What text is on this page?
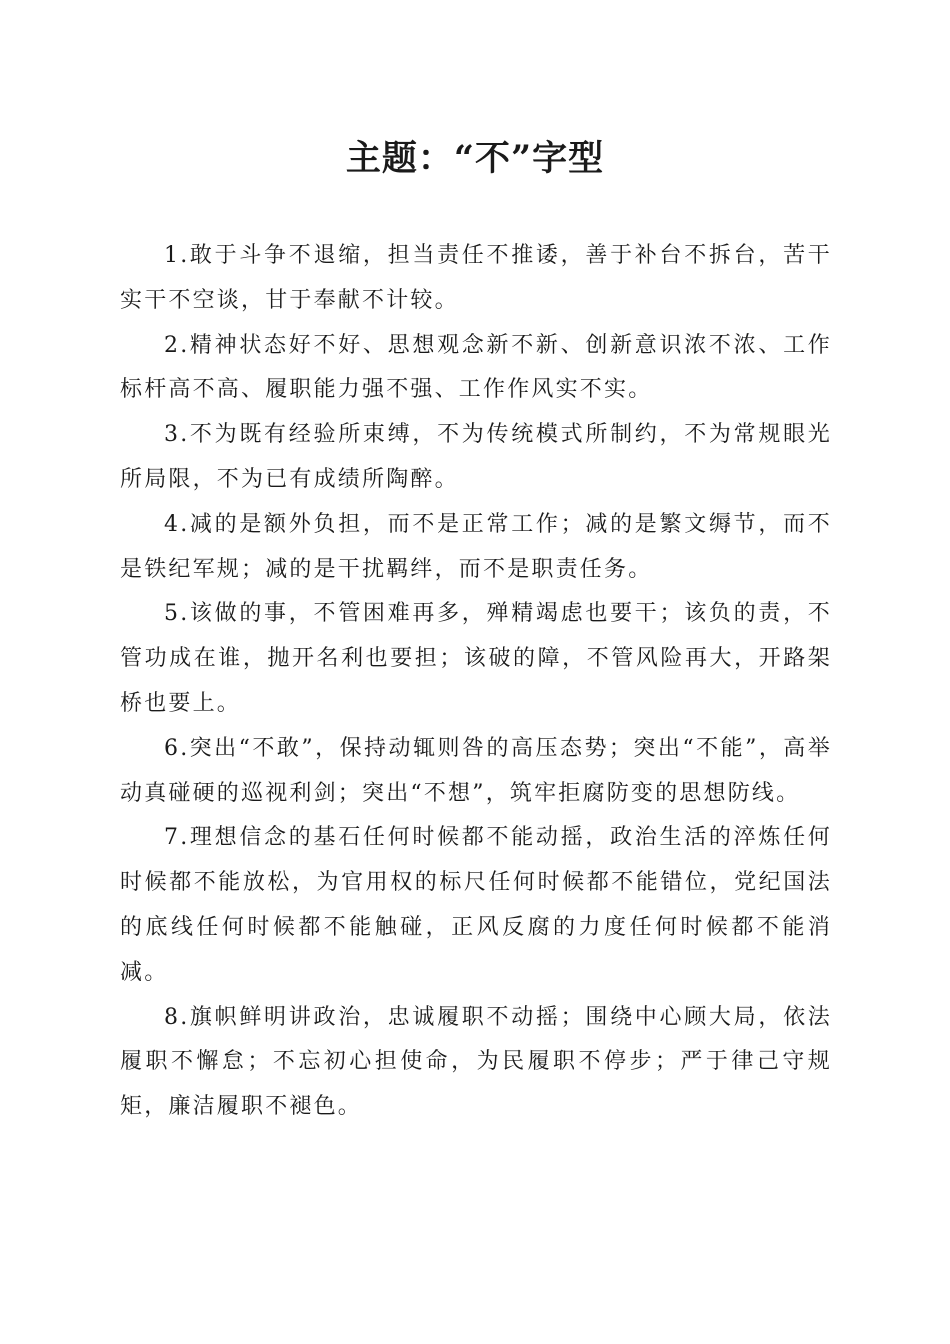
主题：“不”字型

1.敢于斗争不退缩，担当责任不推诿，善于补台不拆台，苦干实干不空谈，甘于奉献不计较。

2.精神状态好不好、思想观念新不新、创新意识浓不浓、工作标杆高不高、履职能力强不强、工作作风实不实。

3.不为既有经验所束缚，不为传统模式所制约，不为常规眼光所局限，不为已有成绩所陶醉。

4.减的是额外负担，而不是正常工作；减的是繁文缛节，而不是铁纪军规；减的是干扰羁绊，而不是职责任务。

5.该做的事，不管困难再多，殚精竭虑也要干；该负的责，不管功成在谁，抛开名利也要担；该破的障，不管风险再大，开路架桥也要上。

6.突出“不敢”，保持动辄则咎的高压态势；突出“不能”，高举动真碰硬的巡视利剑；突出“不想”，筑牢拒腐防变的思想防线。

7.理想信念的基石任何时候都不能动摇，政治生活的淬炼任何时候都不能放松，为官用权的标尺任何时候都不能错位，党纪国法的底线任何时候都不能触碰，正风反腐的力度任何时候都不能消减。

8.旗帜鲜明讲政治，忠诚履职不动摇；围绕中心顾大局，依法履职不懈怠；不忘初心担使命，为民履职不停步；严于律己守规矩，廉洁履职不褪色。
